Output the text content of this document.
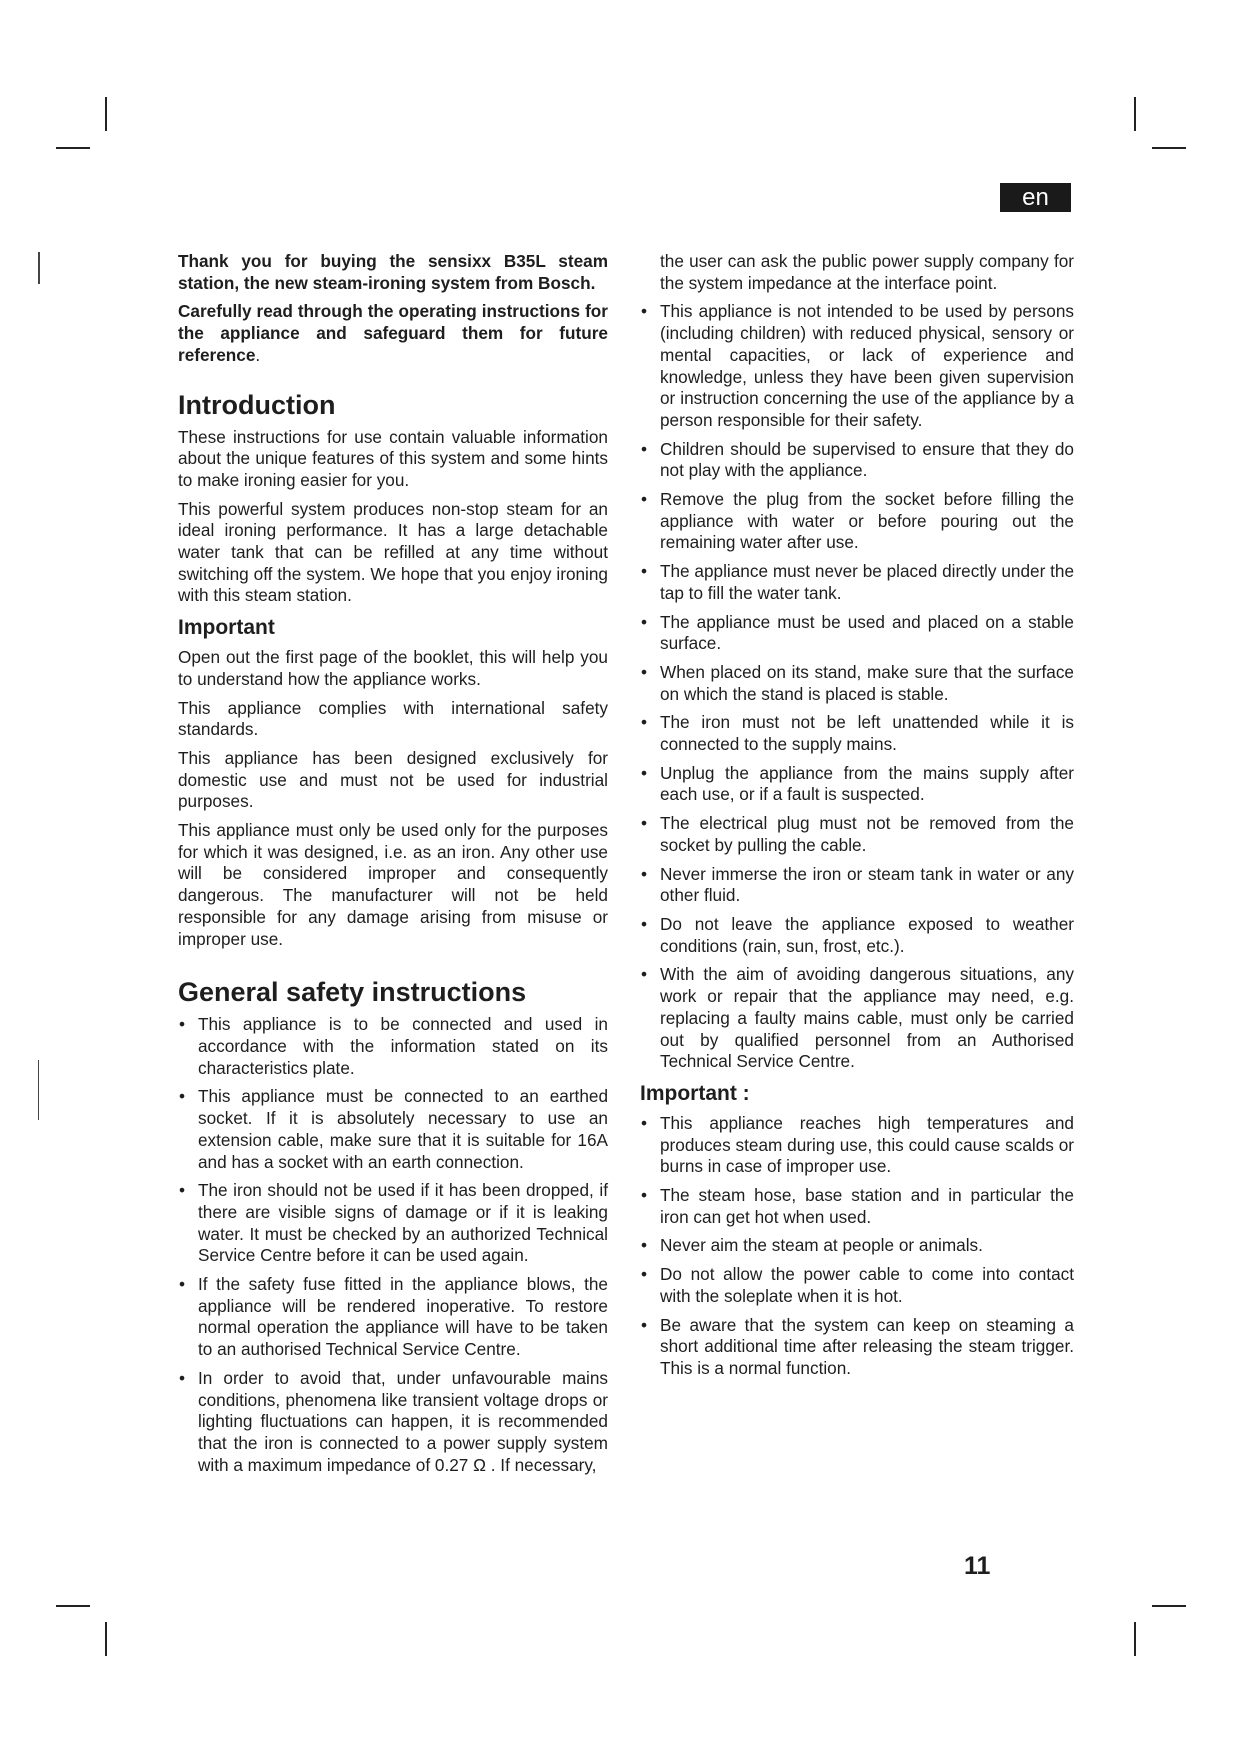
en

Thank you for buying the sensixx B35L steam station, the new steam-ironing system from Bosch.

Carefully read through the operating instructions for the appliance and safeguard them for future reference.

Introduction

These instructions for use contain valuable information about the unique features of this system and some hints to make ironing easier for you.

This powerful system produces non-stop steam for an ideal ironing performance. It has a large detachable water tank that can be refilled at any time without switching off the system. We hope that you enjoy ironing with this steam station.

Important

Open out the first page of the booklet, this will help you to understand how the appliance works.

This appliance complies with international safety standards.

This appliance has been designed exclusively for domestic use and must not be used for industrial purposes.

This appliance must only be used only for the purposes for which it was designed, i.e. as an iron. Any other use will be considered improper and consequently dangerous. The manufacturer will not be held responsible for any damage arising from misuse or improper use.

General safety instructions
• This appliance is to be connected and used in accordance with the information stated on its characteristics plate.
• This appliance must be connected to an earthed socket. If it is absolutely necessary to use an extension cable, make sure that it is suitable for 16A and has a socket with an earth connection.
• The iron should not be used if it has been dropped, if there are visible signs of damage or if it is leaking water. It must be checked by an authorized Technical Service Centre before it can be used again.
• If the safety fuse fitted in the appliance blows, the appliance will be rendered inoperative. To restore normal operation the appliance will have to be taken to an authorised Technical Service Centre.
• In order to avoid that, under unfavourable mains conditions, phenomena like transient voltage drops or lighting fluctuations can happen, it is recommended that the iron is connected to a power supply system with a maximum impedance of 0.27 Ω . If necessary,

the user can ask the public power supply company for the system impedance at the interface point.

• This appliance is not intended to be used by persons (including children) with reduced physical, sensory or mental capacities, or lack of experience and knowledge, unless they have been given supervision or instruction concerning the use of the appliance by a person responsible for their safety.
• Children should be supervised to ensure that they do not play with the appliance.
• Remove the plug from the socket before filling the appliance with water or before pouring out the remaining water after use.
• The appliance must never be placed directly under the tap to fill the water tank.
• The appliance must be used and placed on a stable surface.
• When placed on its stand, make sure that the surface on which the stand is placed is stable.
• The iron must not be left unattended while it is connected to the supply mains.
• Unplug the appliance from the mains supply after each use, or if a fault is suspected.
• The electrical plug must not be removed from the socket by pulling the cable.
• Never immerse the iron or steam tank in water or any other fluid.
• Do not leave the appliance exposed to weather conditions (rain, sun, frost, etc.).
• With the aim of avoiding dangerous situations, any work or repair that the appliance may need, e.g. replacing a faulty mains cable, must only be carried out by qualified personnel from an Authorised Technical Service Centre.
Important :
• This appliance reaches high temperatures and produces steam during use, this could cause scalds or burns in case of improper use.
• The steam hose, base station and in particular the iron can get hot when used.
• Never aim the steam at people or animals.
• Do not allow the power cable to come into contact with the soleplate when it is hot.
• Be aware that the system can keep on steaming a short additional time after releasing the steam trigger. This is a normal function.
11
